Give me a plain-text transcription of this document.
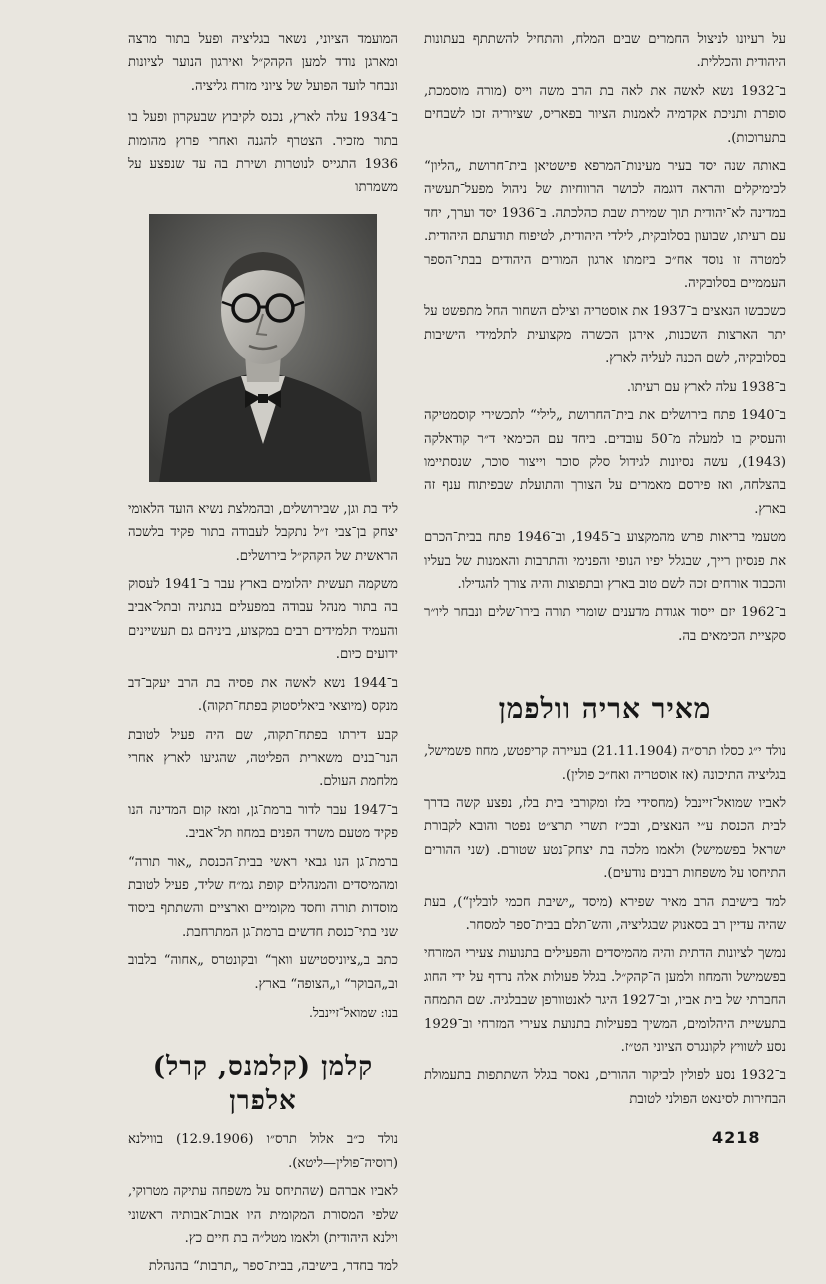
על רעיונו לניצול החמרים שבים המלח, והתחיל להשתתף בעתונות היהודית והכללית.

ב־1932 נשא לאשה את לאה בת הרב משה וייס (מורה מוסמכת, סופרת ותניכת אקדמיה לאמנות הציור בפאריס, שציוריה זכו לשבחים בתערוכות).

באותה שנה יסד בעיר מעינות־המרפא פישטיאן בית־חרושת „הליון“ לכימיקלים והראה דוגמה לכושר הרווחיות של ניהול מפעל־תעשיה במדינה לא־יהודית תוך שמירת שבת כהלכתה. ב־1936 יסד וערך, יחד עם רעיתו, שבועון בסלובקית, לילדי היהודית, לטיפוח תודעתם היהודית. למטרה זו נוסד אח״כ ביזמתו ארגון המורים היהודים בבתי־הספר העממיים בסלובקיה.

כשכבשו הנאצים ב־1937 את אוסטריה וצילם השחור החל מתפשט על יתר הארצות השכנות, אירגן הכשרה מקצועית לתלמידי הישיבות בסלובקיה, לשם הכנה לעליה לארץ.

ב־1938 עלה לארץ עם רעיתו.

ב־1940 פתח בירושלים את בית־החרושת „לילי“ לתכשירי קוסמטיקה והעסיק בו למעלה מ־50 עובדים. ביחד עם הכימאי ד״ר קודאלקה (1943), עשה נסיונות לגידול סלק סוכר וייצור סוכר, שנסתיימו בהצלחה, ואז פירסם מאמרים על הצורך והתועלת שבפיתוח ענף זה בארץ.

מטעמי בריאות פרש מהמקצוע ב־1945, וב־1946 פתח בבית־הכרם את פנסיון רייך, שבגלל יפיו הנופי והפנימי והתרבות והאמנות של בעליו והכבוד אורחים זכה לשם טוב בארץ ובתפוצות והיה צורך להגדילו.

ב־1962 יזם ייסוד אגודת מדענים שומרי תורה בירו־שלים ונבחר ליו״ר סקציית הכימאים בה.

מאיר אריה וולפמן

נולד י״ג כסלו תרס״ה (21.11.1904) בעיירה קריפטש, מחוז פשמישל, בגליציה התיכונה (אז אוסטריה ואח״כ פולין).

לאביו שמואל־זיינבל (מחסידי בלז ומקורבי בית בלז, נפצע קשה בדרך לבית הכנסת ע״י הנאצים, ובכ״ז תשרי תרצ״ט נפטר והובא לקבורת ישראל בפשמישל) ולאמו מלכה בת יצחק־נטע שטורם. (שני ההורים התיחסו על משפחות רבנים נודעים).

למד בישיבת הרב מאיר שפירא (מיסד „ישיבת חכמי לובלין“), בעת שהיה עדיין רב בסאנוק שבגליציה, והש־תלם בבית־ספר למסחר.

נמשך לציונות הדתית והיה מהמיסדים והפעילים בתנועות צעירי המזרחי בפשמישל והמחוז ולמען ה־קהק״ל. בגלל פעולות אלה נרדף על ידי החוג החברתי של בית אביו, וב־1927 היגר לאנטוורפן שבבלגיה. שם התמחה בתעשיית היהלומים, המשיך בפעילות בתנועת צעירי המזרחי וב־1929 נסע לשוויץ לקונגרס הציוני הט״ז.

ב־1932 נסע לפולין לביקור ההורים, נאסר בגלל השתתפות בתעמולת הבחירות לסינאט הפולני לטובת

המועמד הציוני, נשאר בגליציה ופעל בתור מרצה ומארגן נודד למען הקהק״ל ואירגון הנוער לציונות ונבחר לועד הפועל של ציוני מזרח גליציה.

ב־1934 עלה לארץ, נכנס לקיבוץ שבעקרון ופעל בו בתור מזכיר. הצטרף להגנה ואחרי פרוץ מהומות 1936 התגייס לנוטרות ושירת בה עד שנפצע על משמרתו

ליד בת וגן, שבירושלים, ובהמלצת נשיא הועד הלאומי יצחק בן־צבי ז״ל נתקבל לעבודה בתור פקיד בלשכה הראשית של הקהק״ל בירושלים.

משקמה תעשית יהלומים בארץ עבר ב־1941 לעסוק בה בתור מנהל עבודה במפעלים בנתניה ובתל־אביב והעמיד תלמידים רבים במקצוע, ביניהם גם תעשיינים ידועים כיום.

ב־1944 נשא לאשה את פסיה בת הרב יעקב־דב מנקס (מיוצאי ביאליסטוק בפתח־תקוה).

קבע דירתו בפתח־תקוה, שם היה פעיל לטובת הנר־בנים משארית הפליטה, שהגיעו לארץ אחרי מלחמת העולם.

ב־1947 עבר לדור ברמת־גן, ומאז קום המדינה הנו פקיד מטעם משרד הפנים במחוז תל־אביב.

ברמת־גן הנו גבאי ראשי בבית־הכנסת „אור תורה“ ומהמיסדים והמנהלים קופת גמ״ח שליד, פעיל לטובת מוסדות תורה וחסד מקומיים וארציים והשתתף ביסוד שני בתי־כנסת חדשים ברמת־גן המתרחבת.

כתב ב„ציוניסטישע וואך“ ובקונטרס „אחוה“ בלבוב וב„הבוקר“ ו„הצופה“ בארץ.

בנו: שמואל־זיינבל.

קלמן (קלמנס, קרל) אלפרן

נולד כ״ב אלול תרס״ו (12.9.1906) בווילנא (רוסיה־פולין—ליטא).

לאביו אברהם (שהתיחס על משפחה עתיקה מטרוקי, שלפי המסורת המקומית היו אבות־אבותיה ראשוני וילנא היהודית) ולאמו מטל״ה בת חיים כץ.

למד בחדר, בישיבה, בבית־ספר „תרבות“ בהנהלת

4218
